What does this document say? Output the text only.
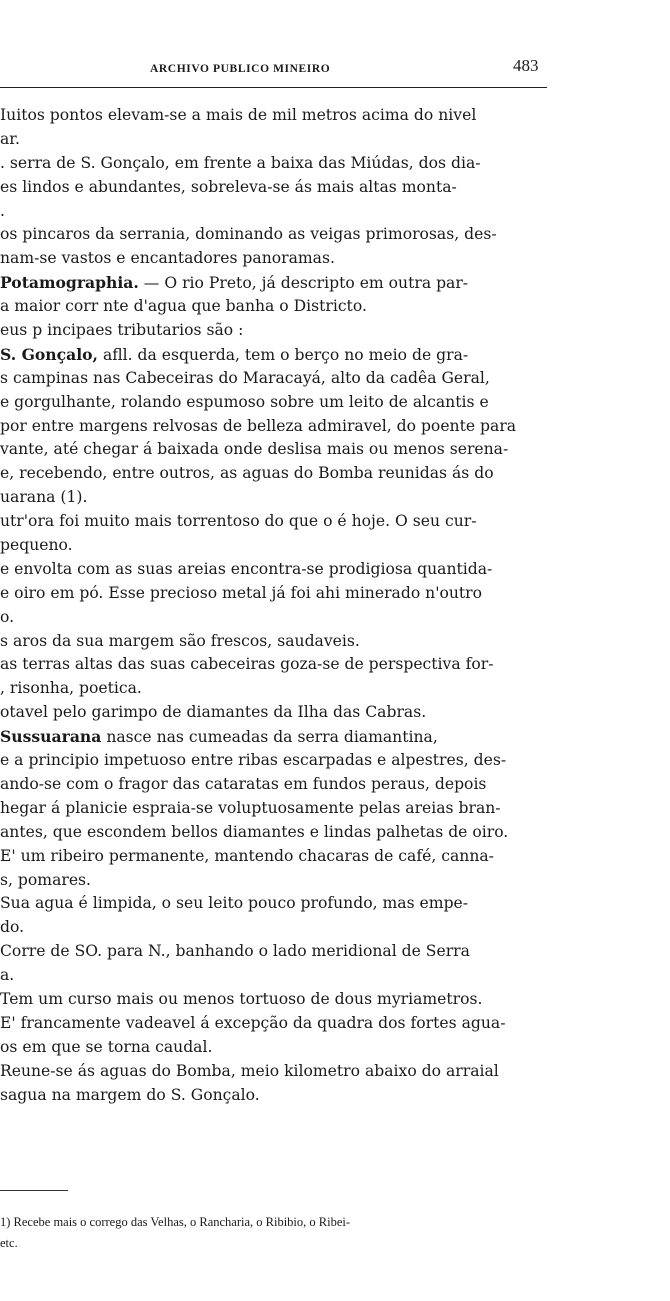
ARCHIVO PUBLICO MINEIRO	483
Iuitos pontos elevam-se a mais de mil metros acima do nivel
ar.
. serra de S. Gonçalo, em frente a baixa das Miúdas, dos dia-
es lindos e abundantes, sobreleva-se ás mais altas monta-
.
os pincaros da serrania, dominando as veigas primorosas, des-
nam-se vastos e encantadores panoramas.
Potamographia. — O rio Preto, já descripto em outra par-
a maior corr nte d'agua que banha o Districto.
eus p incipaes tributarios são :
S. Gonçalo, afll. da esquerda, tem o berço no meio de gra-
s campinas nas Cabeceiras do Maracayá, alto da cadêa Geral,
e gorgulhante, rolando espumoso sobre um leito de alcantis e
por entre margens relvosas de belleza admiravel, do poente para
vante, até chegar á baixada onde deslisa mais ou menos serena-
e, recebendo, entre outros, as aguas do Bomba reunidas ás do
uarana (1).
utr'ora foi muito mais torrentoso do que o é hoje. O seu cur-
pequeno.
e envolta com as suas areias encontra-se prodigiosa quantida-
e oiro em pó. Esse precioso metal já foi ahi minerado n'outro
o.
s aros da sua margem são frescos, saudaveis.
as terras altas das suas cabeceiras goza-se de perspectiva for-
, risonha, poetica.
otavel pelo garimpo de diamantes da Ilha das Cabras.
Sussuarana nasce nas cumeadas da serra diamantina,
e a principio impetuoso entre ribas escarpadas e alpestres, des-
ando-se com o fragor das cataratas em fundos peraus, depois
hegar á planicie espraia-se voluptuosamente pelas areias bran-
antes, que escondem bellos diamantes e lindas palhetas de oiro.
E' um ribeiro permanente, mantendo chacaras de café, canna-
s, pomares.
Sua agua é limpida, o seu leito pouco profundo, mas empe-
do.
Corre de SO. para N., banhando o lado meridional de Serra
a.
Tem um curso mais ou menos tortuoso de dous myriametros.
E' francamente vadeavel á excepção da quadra dos fortes agua-
os em que se torna caudal.
Reune-se ás aguas do Bomba, meio kilometro abaixo do arraial
sagua na margem do S. Gonçalo.
1) Recebe mais o corrego das Velhas, o Rancharia, o Ribibio, o Ribei-
etc.
